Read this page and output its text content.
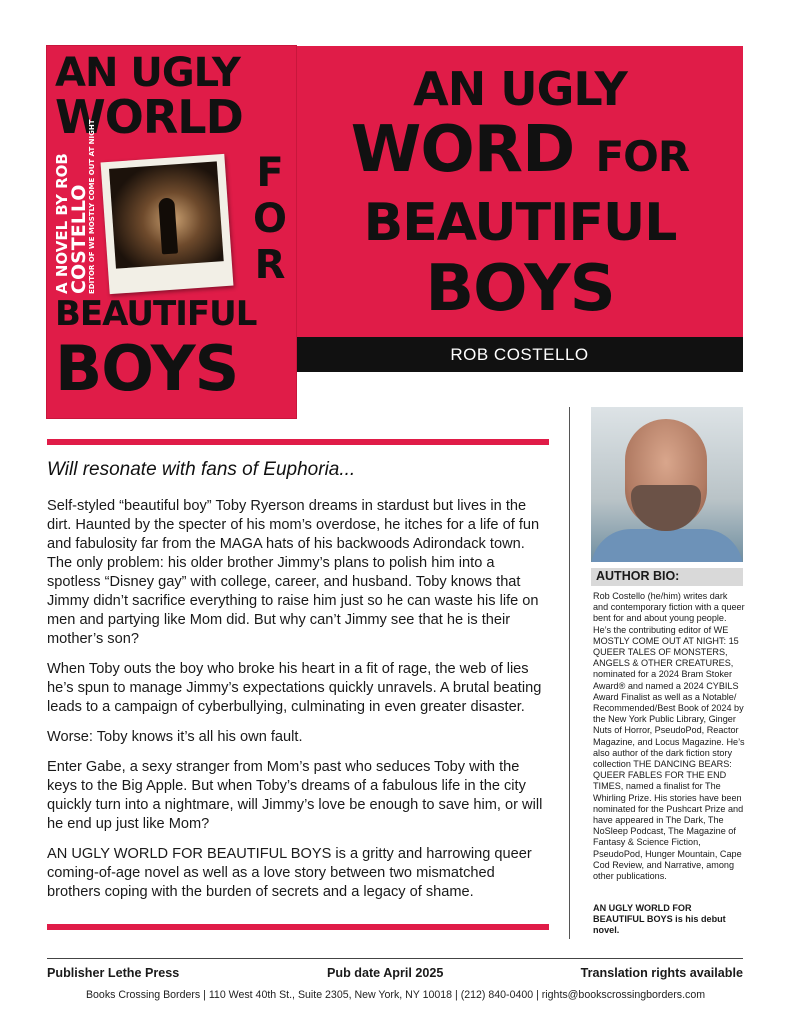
AN UGLY
WORD FOR
BEAUTIFUL
BOYS
ROB COSTELLO
AN UGLY
WORLD
F
O
R
BEAUTIFUL
BOYS
A NOVEL BY ROB
COSTELLO
EDITOR OF WE MOSTLY COME OUT AT NIGHT
Will resonate with fans of Euphoria...

Self-styled “beautiful boy” Toby Ryerson dreams in stardust but lives in the dirt. Haunted by the specter of his mom’s overdose, he itches for a life of fun and fabulosity far from the MAGA hats of his backwoods Adirondack town. The only problem: his older brother Jimmy’s plans to polish him into a spotless “Disney gay” with college, career, and husband. Toby knows that Jimmy didn’t sacrifice everything to raise him just so he can waste his life on men and partying like Mom did. But why can’t Jimmy see that he is their mother’s son?

When Toby outs the boy who broke his heart in a fit of rage, the web of lies he’s spun to manage Jimmy’s expectations quickly unravels. A brutal beating leads to a campaign of cyberbullying, culminating in even greater disaster.

Worse: Toby knows it’s all his own fault.

Enter Gabe, a sexy stranger from Mom’s past who seduces Toby with the keys to the Big Apple. But when Toby’s dreams of a fabulous life in the city quickly turn into a nightmare, will Jimmy’s love be enough to save him, or will he end up just like Mom?

AN UGLY WORLD FOR BEAUTIFUL BOYS is a gritty and harrowing queer coming-of-age novel as well as a love story between two mismatched brothers coping with the burden of secrets and a legacy of shame.

AUTHOR BIO:
Rob Costello (he/him) writes dark and contemporary fiction with a queer bent for and about young people. He’s the contributing editor of WE MOSTLY COME OUT AT NIGHT: 15 QUEER TALES OF MONSTERS, ANGELS & OTHER CREATURES, nominated for a 2024 Bram Stoker Award® and named a 2024 CYBILS Award Finalist as well as a Notable/ Recommended/Best Book of 2024 by the New York Public Library, Ginger Nuts of Horror, PseudoPod, Reactor Magazine, and Locus Magazine. He’s also author of the dark fiction story collection THE DANCING BEARS: QUEER FABLES FOR THE END TIMES, named a finalist for The Whirling Prize. His stories have been nominated for the Pushcart Prize and have appeared in The Dark, The NoSleep Podcast, The Magazine of Fantasy & Science Fiction, PseudoPod, Hunger Mountain, Cape Cod Review, and Narrative, among other publications.
AN UGLY WORLD FOR BEAUTIFUL BOYS is his debut novel.
Publisher Lethe Press	Pub date April 2025	Translation rights available
Books Crossing Borders | 110 West 40th St., Suite 2305, New York, NY 10018 | (212) 840-0400 | rights@bookscrossingborders.com
